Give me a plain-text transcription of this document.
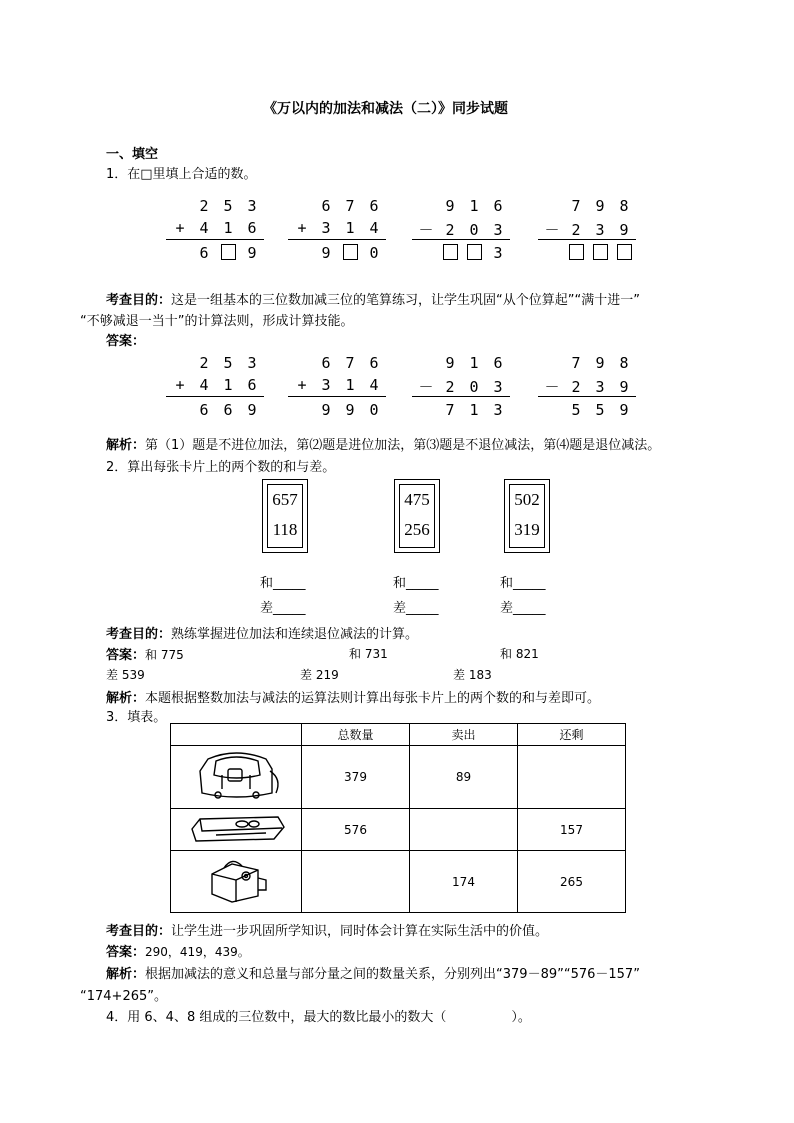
《万以内的加法和减法（二）》同步试题
一、填空
1．在□里填上合适的数。
2 5 3
+ 4 1 6
6	9
6 7 6
+ 3 1 4
9	0
9 1 6
－ 2 0 3
3
7 9 8
－ 2 3 9
2 5 3
+ 4 1 6
6 6 9
6 7 6
+ 3 1 4
9 9 0
9 1 6
－ 2 0 3
7 1 3
7 9 8
－ 2 3 9
5 5 9
考查目的：这是一组基本的三位数加减三位的笔算练习，让学生巩固“从个位算起”“满十进一”
“不够减退一当十”的计算法则，形成计算技能。
答案：
解析：第（1）题是不进位加法，第⑵题是进位加法，第⑶题是不退位减法，第⑷题是退位减法。
2．算出每张卡片上的两个数的和与差。
657
118
475
256
502
319
和_____	和_____	和_____
差_____	差_____	差_____
考查目的：熟练掌握进位加法和连续退位减法的计算。
答案：和 775	和 731	和 821
差 539	差 219	差 183
解析：本题根据整数加法与减法的运算法则计算出每张卡片上的两个数的和与差即可。
3．填表。
	总数量	卖出	还剩
	379	89	
	576		157
		174	265
考查目的：让学生进一步巩固所学知识，同时体会计算在实际生活中的价值。
答案：290，419，439。
解析：根据加减法的意义和总量与部分量之间的数量关系，分别列出“379－89”“576－157”
“174+265”。
4．用 6、4、8 组成的三位数中，最大的数比最小的数大（　　　　　）。
